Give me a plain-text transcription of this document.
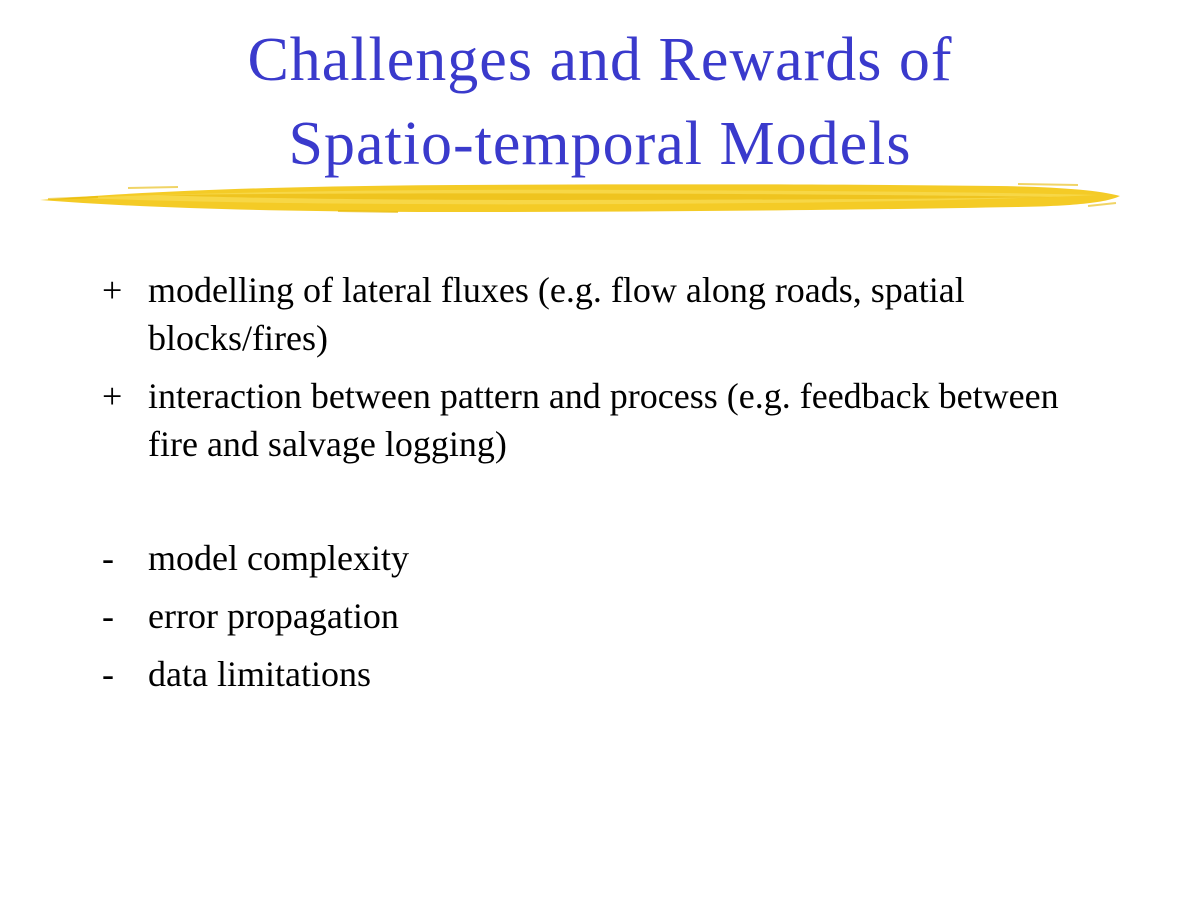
Challenges and Rewards of
Spatio-temporal Models
+ modelling of lateral fluxes (e.g. flow along roads, spatial blocks/fires)
+ interaction between pattern and process (e.g. feedback between fire and salvage logging)
- model complexity
- error propagation
- data limitations
